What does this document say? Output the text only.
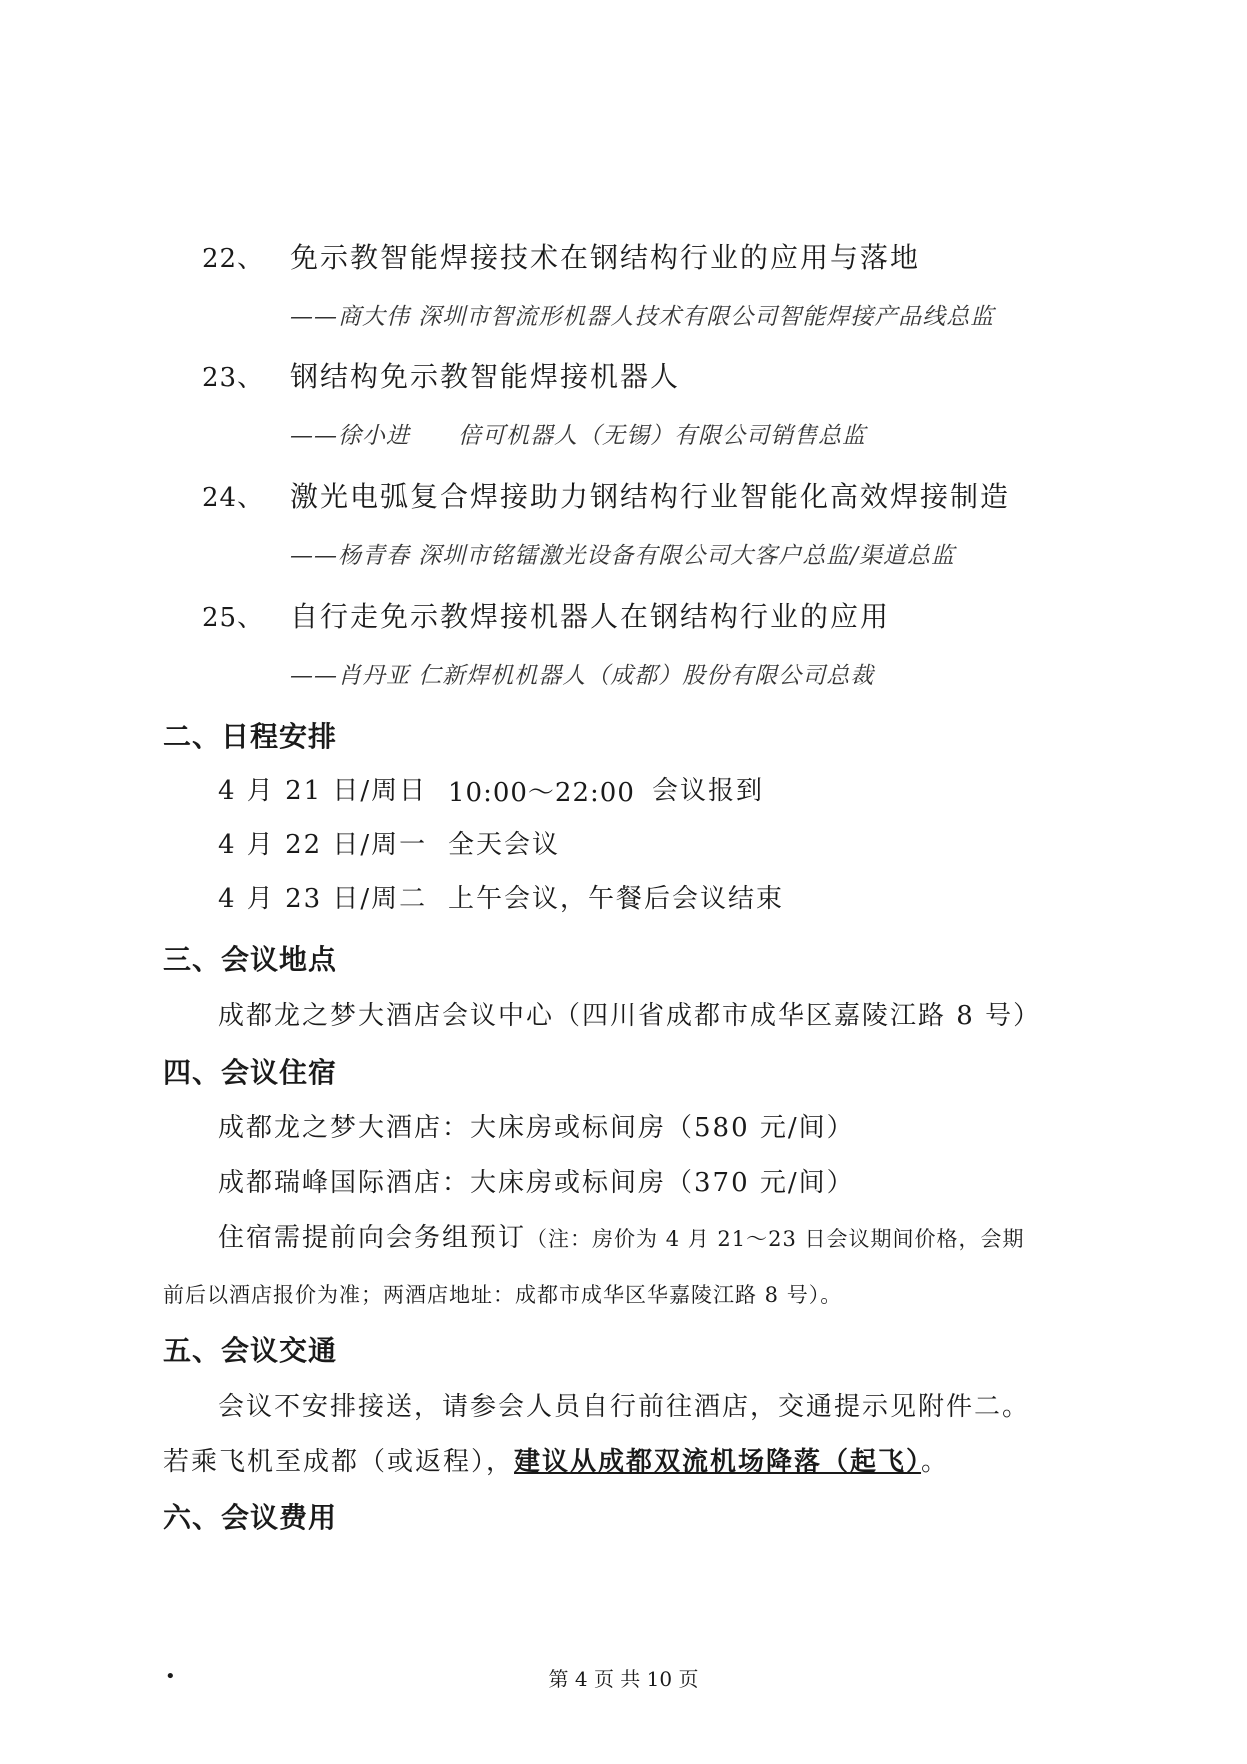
22、 免示教智能焊接技术在钢结构行业的应用与落地
——商大伟 深圳市智流形机器人技术有限公司智能焊接产品线总监
23、 钢结构免示教智能焊接机器人
——徐小进　　倍可机器人（无锡）有限公司销售总监
24、 激光电弧复合焊接助力钢结构行业智能化高效焊接制造
——杨青春 深圳市铭镭激光设备有限公司大客户总监/渠道总监
25、 自行走免示教焊接机器人在钢结构行业的应用
——肖丹亚 仁新焊机机器人（成都）股份有限公司总裁
二、日程安排
4 月 21 日/周日 10:00～22:00 会议报到
4 月 22 日/周一 全天会议
4 月 23 日/周二 上午会议，午餐后会议结束
三、会议地点
成都龙之梦大酒店会议中心（四川省成都市成华区嘉陵江路 8 号）
四、会议住宿
成都龙之梦大酒店：大床房或标间房（580 元/间）
成都瑞峰国际酒店：大床房或标间房（370 元/间）
住宿需提前向会务组预订（注：房价为 4 月 21～23 日会议期间价格，会期
前后以酒店报价为准；两酒店地址：成都市成华区华嘉陵江路 8 号）。
五、会议交通
会议不安排接送，请参会人员自行前往酒店，交通提示见附件二。
若乘飞机至成都（或返程），建议从成都双流机场降落（起飞）。
六、会议费用
•	第 4 页 共 10 页
